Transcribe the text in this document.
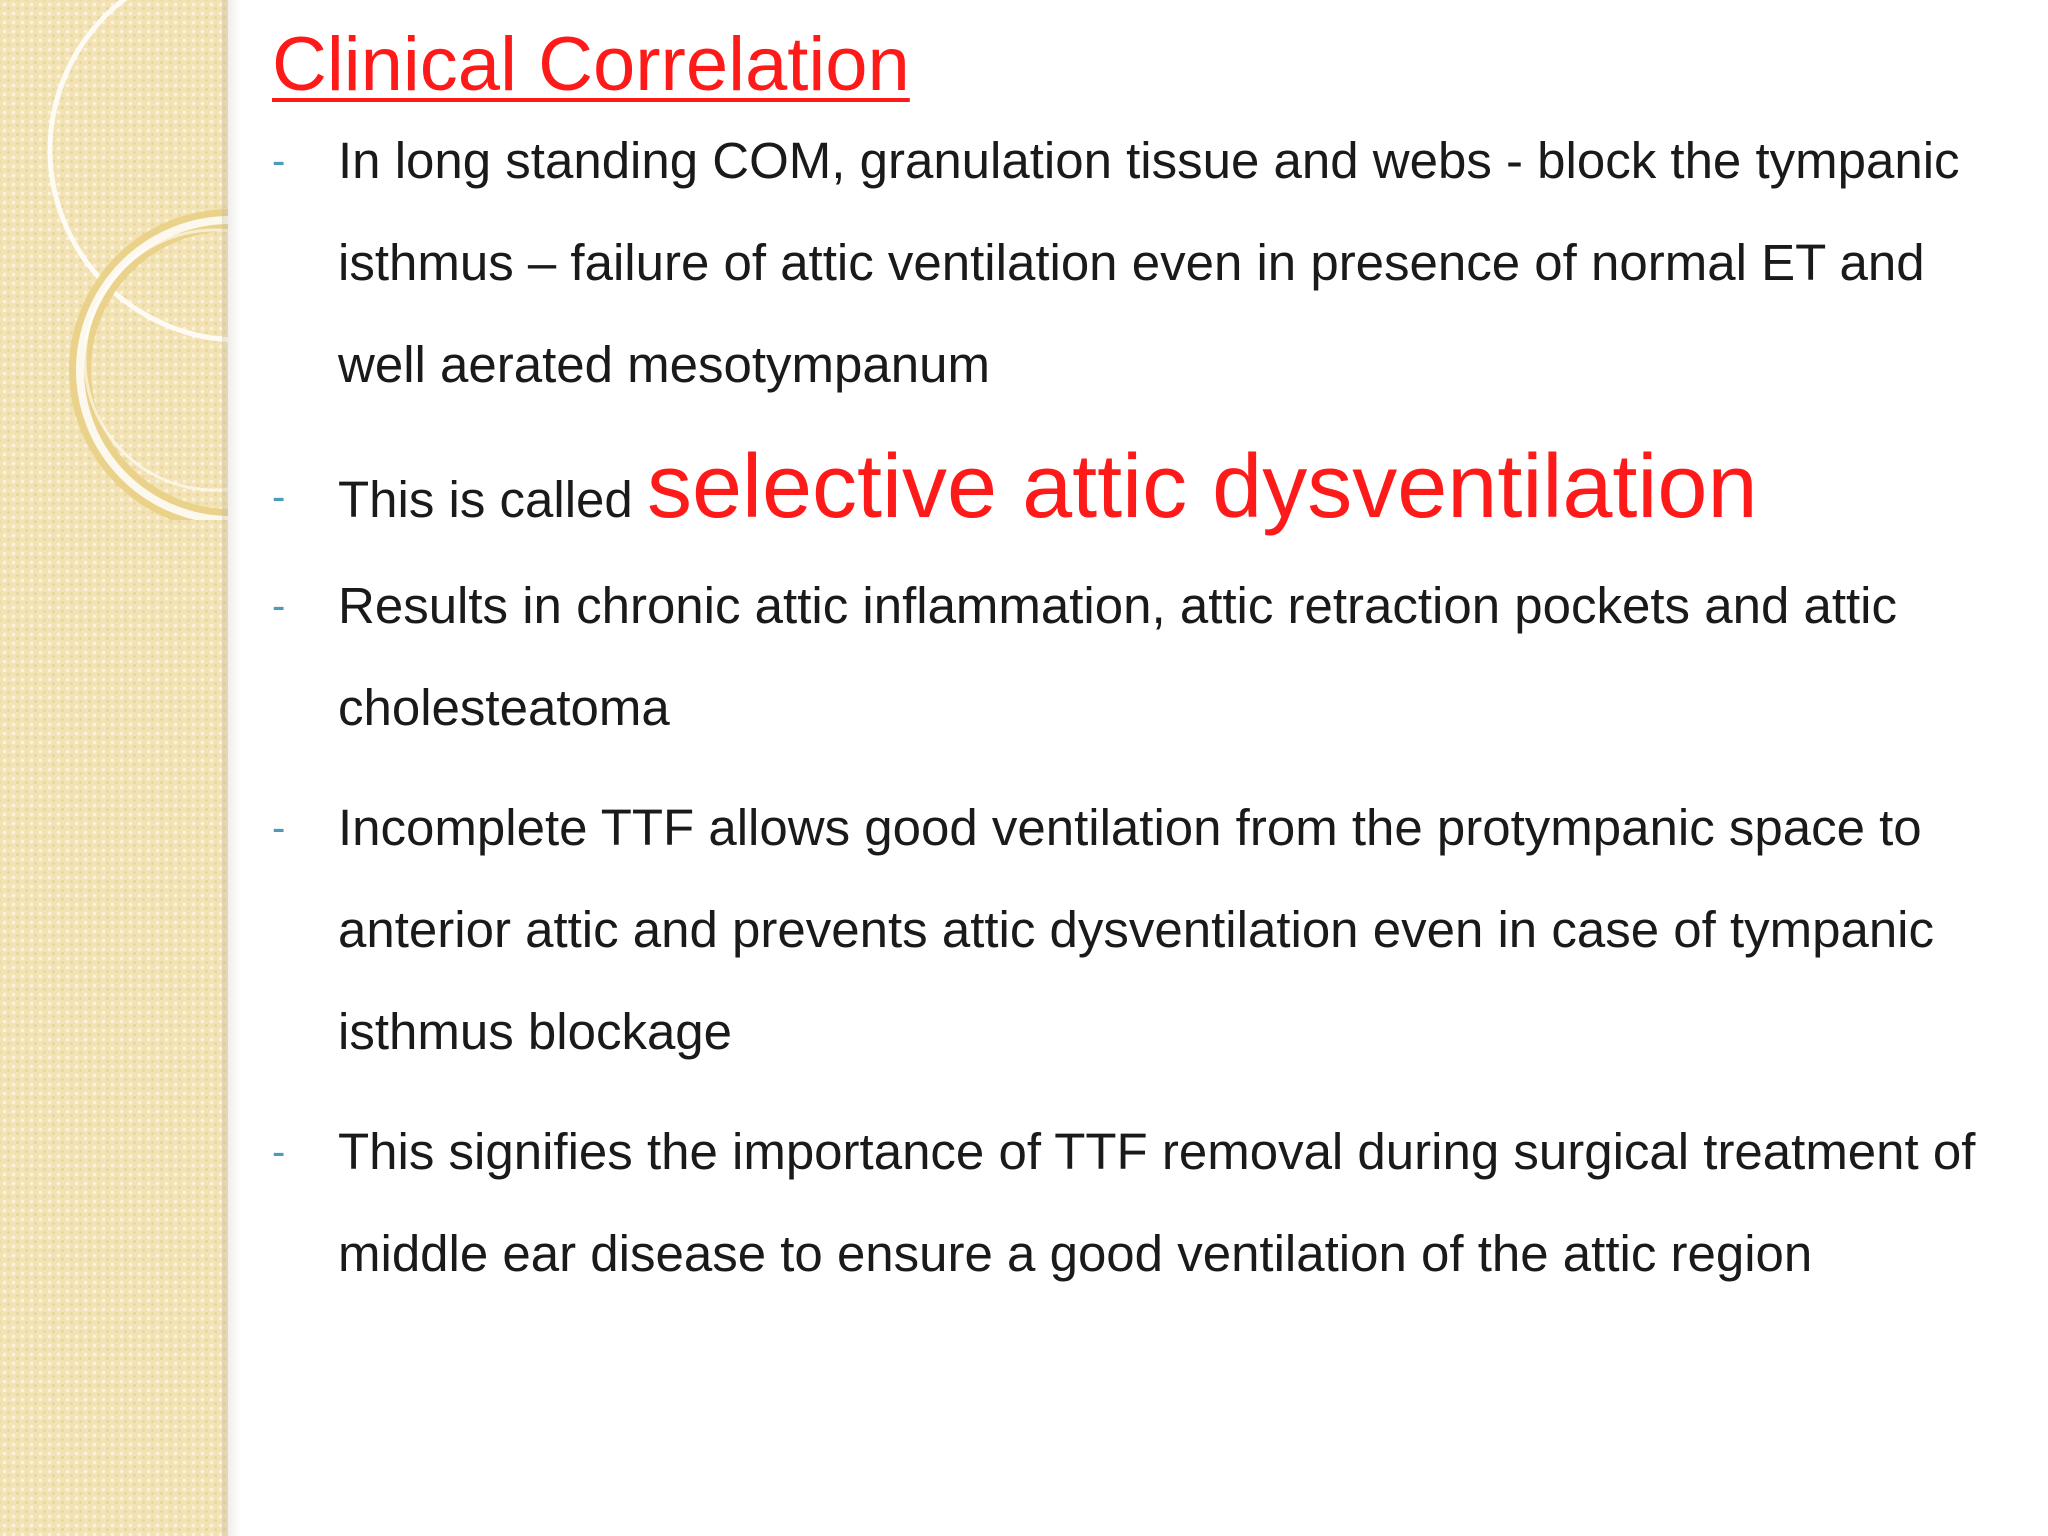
Clinical Correlation
- In long standing COM, granulation tissue and webs - block the tympanic isthmus – failure of attic ventilation even in presence of normal ET and well aerated mesotympanum
- This is called selective attic dysventilation
- Results in chronic attic inflammation, attic retraction pockets and attic cholesteatoma
- Incomplete TTF allows good ventilation from the protympanic space to anterior attic and prevents attic dysventilation even in case of tympanic isthmus blockage
- This signifies the importance of TTF removal during surgical treatment of middle ear disease to ensure a good ventilation of the attic region
